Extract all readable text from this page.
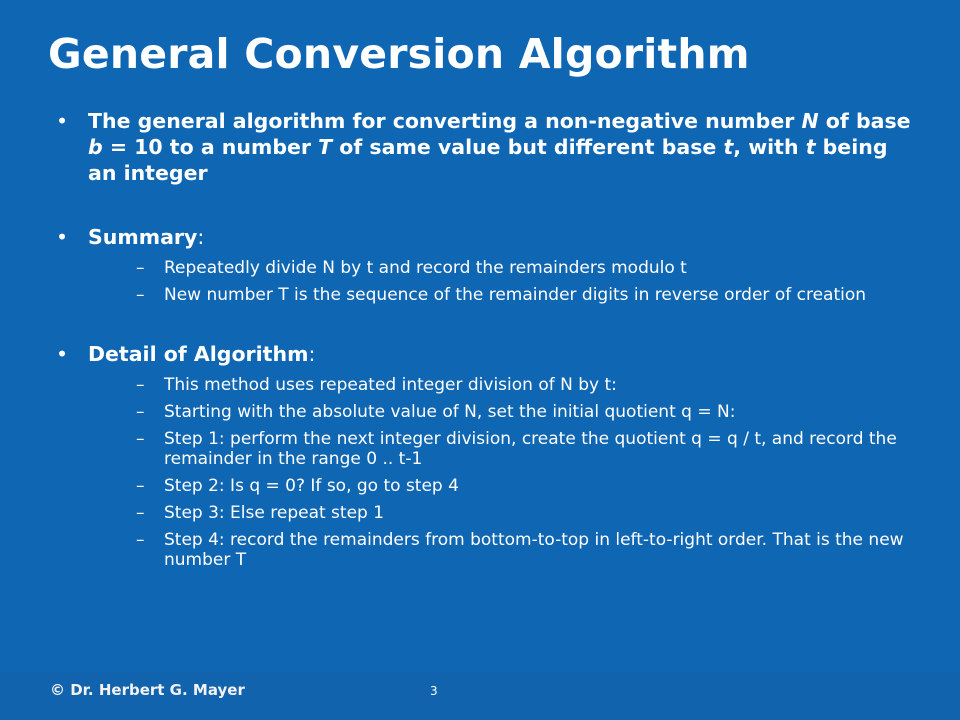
General Conversion Algorithm
• The general algorithm for converting a non-negative number N of base b = 10 to a number T of same value but different base t, with t being an integer
• Summary:
– Repeatedly divide N by t and record the remainders modulo t
– New number T is the sequence of the remainder digits in reverse order of creation
• Detail of Algorithm:
– This method uses repeated integer division of N by t:
– Starting with the absolute value of N, set the initial quotient q = N:
– Step 1: perform the next integer division, create the quotient q = q / t, and record the remainder in the range 0 .. t-1
– Step 2: Is q = 0? If so, go to step 4
– Step 3: Else repeat step 1
– Step 4: record the remainders from bottom-to-top in left-to-right order. That is the new number T
© Dr. Herbert G. Mayer	3
